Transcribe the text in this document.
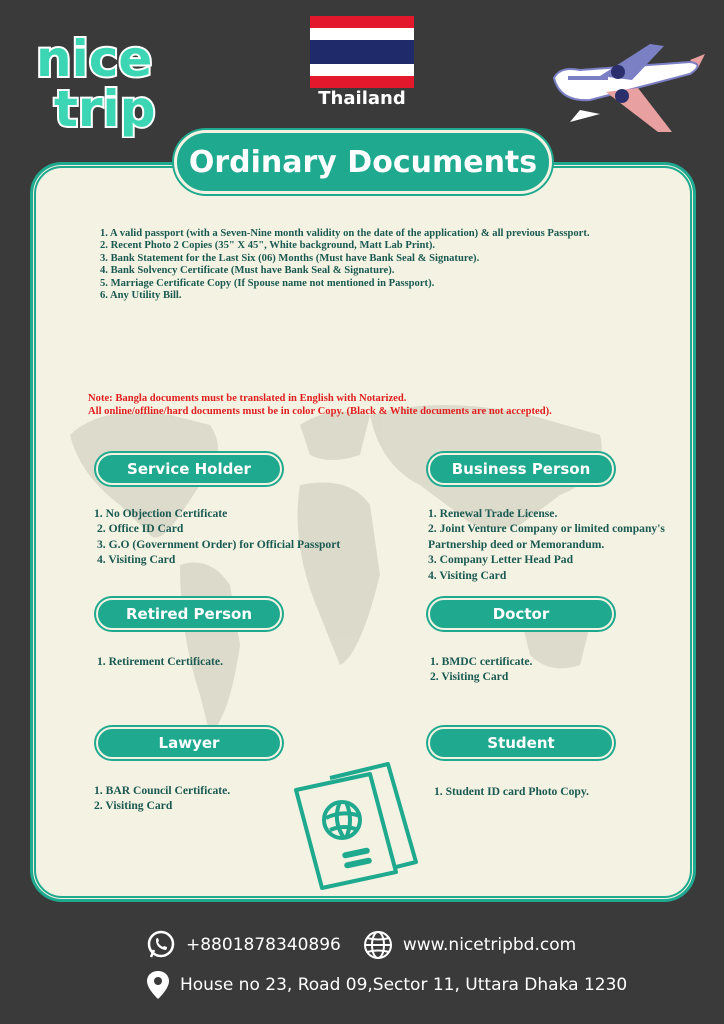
nice
trip	Thailand
Ordinary Documents
1. A valid passport (with a Seven-Nine month validity on the date of the application) & all previous Passport.
2. Recent Photo 2 Copies (35" X 45", White background, Matt Lab Print).
3. Bank Statement for the Last Six (06) Months (Must have Bank Seal & Signature).
4. Bank Solvency Certificate (Must have Bank Seal & Signature).
5. Marriage Certificate Copy (If Spouse name not mentioned in Passport).
6. Any Utility Bill.
Note: Bangla documents must be translated in English with Notarized.
All online/offline/hard documents must be in color Copy. (Black & White documents are not accepted).
Service Holder
1. No Objection Certificate
2. Office ID Card
3. G.O (Government Order) for Official Passport
4. Visiting Card
Business Person
1. Renewal Trade License.
2. Joint Venture Company or limited company's
Partnership deed or Memorandum.
3. Company Letter Head Pad
4. Visiting Card
Retired Person
1. Retirement Certificate.
Doctor
1. BMDC certificate.
2. Visiting Card
Lawyer
1. BAR Council Certificate.
2. Visiting Card
Student
1. Student ID card Photo Copy.
+8801878340896	www.nicetripbd.com
House no 23, Road 09,Sector 11, Uttara Dhaka 1230
